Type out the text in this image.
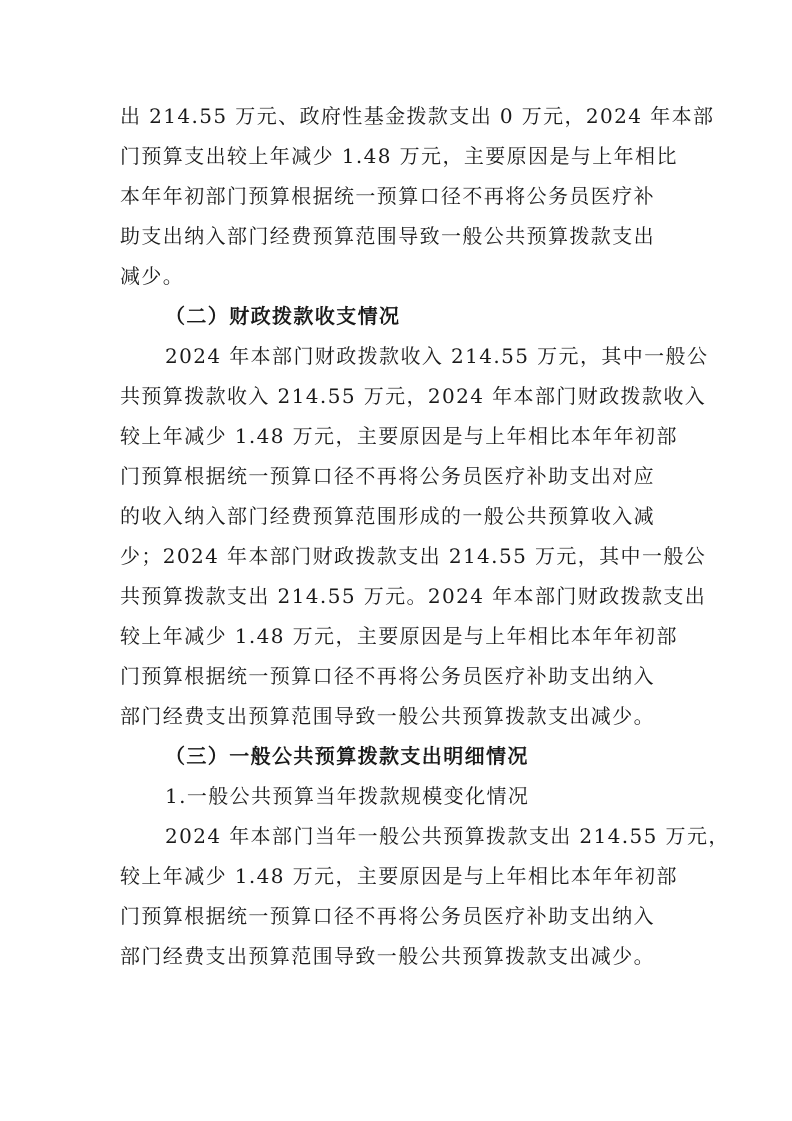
出 214.55 万元、政府性基金拨款支出 0 万元，2024 年本部
门预算支出较上年减少 1.48 万元，主要原因是与上年相比
本年年初部门预算根据统一预算口径不再将公务员医疗补
助支出纳入部门经费预算范围导致一般公共预算拨款支出
减少。
（二）财政拨款收支情况
2024 年本部门财政拨款收入 214.55 万元，其中一般公
共预算拨款收入 214.55 万元，2024 年本部门财政拨款收入
较上年减少 1.48 万元，主要原因是与上年相比本年年初部
门预算根据统一预算口径不再将公务员医疗补助支出对应
的收入纳入部门经费预算范围形成的一般公共预算收入减
少；2024 年本部门财政拨款支出 214.55 万元，其中一般公
共预算拨款支出 214.55 万元。2024 年本部门财政拨款支出
较上年减少 1.48 万元，主要原因是与上年相比本年年初部
门预算根据统一预算口径不再将公务员医疗补助支出纳入
部门经费支出预算范围导致一般公共预算拨款支出减少。
（三）一般公共预算拨款支出明细情况
1.一般公共预算当年拨款规模变化情况
2024 年本部门当年一般公共预算拨款支出 214.55 万元，
较上年减少 1.48 万元，主要原因是与上年相比本年年初部
门预算根据统一预算口径不再将公务员医疗补助支出纳入
部门经费支出预算范围导致一般公共预算拨款支出减少。
